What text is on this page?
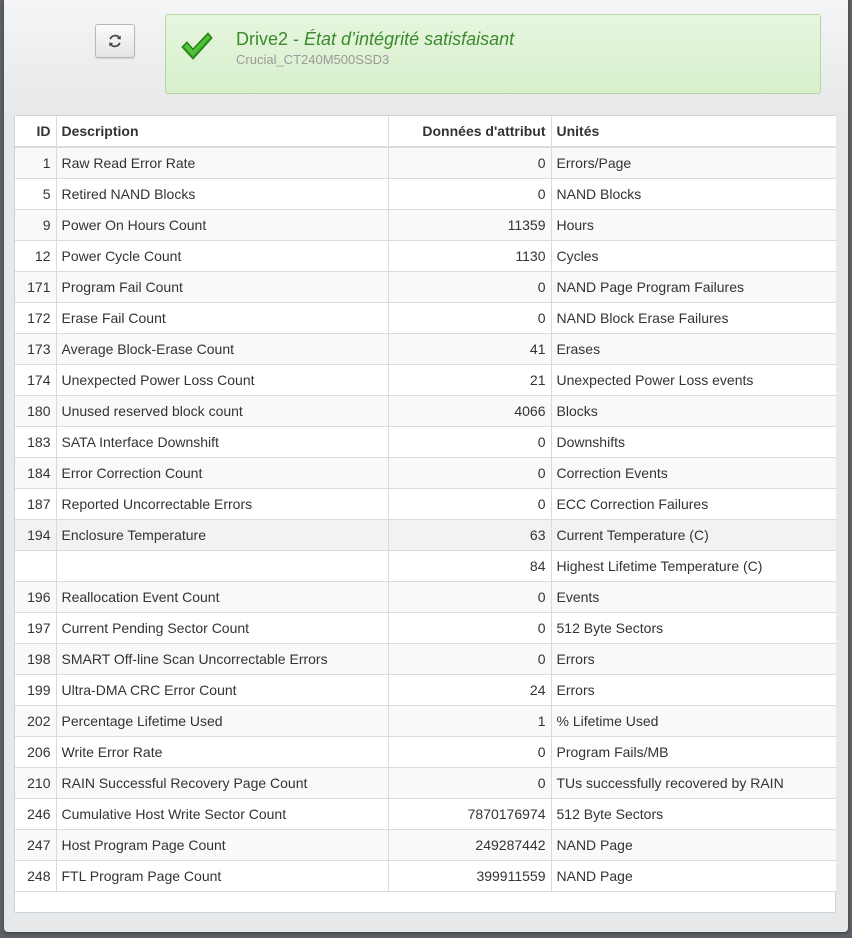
Drive2 - État d’intégrité satisfaisant
Crucial_CT240M500SSD3
ID	Description	Données d'attribut	Unités
1	Raw Read Error Rate	0	Errors/Page
5	Retired NAND Blocks	0	NAND Blocks
9	Power On Hours Count	11359	Hours
12	Power Cycle Count	1130	Cycles
171	Program Fail Count	0	NAND Page Program Failures
172	Erase Fail Count	0	NAND Block Erase Failures
173	Average Block-Erase Count	41	Erases
174	Unexpected Power Loss Count	21	Unexpected Power Loss events
180	Unused reserved block count	4066	Blocks
183	SATA Interface Downshift	0	Downshifts
184	Error Correction Count	0	Correction Events
187	Reported Uncorrectable Errors	0	ECC Correction Failures
194	Enclosure Temperature	63	Current Temperature (C)
		84	Highest Lifetime Temperature (C)
196	Reallocation Event Count	0	Events
197	Current Pending Sector Count	0	512 Byte Sectors
198	SMART Off-line Scan Uncorrectable Errors	0	Errors
199	Ultra-DMA CRC Error Count	24	Errors
202	Percentage Lifetime Used	1	% Lifetime Used
206	Write Error Rate	0	Program Fails/MB
210	RAIN Successful Recovery Page Count	0	TUs successfully recovered by RAIN
246	Cumulative Host Write Sector Count	7870176974	512 Byte Sectors
247	Host Program Page Count	249287442	NAND Page
248	FTL Program Page Count	399911559	NAND Page
